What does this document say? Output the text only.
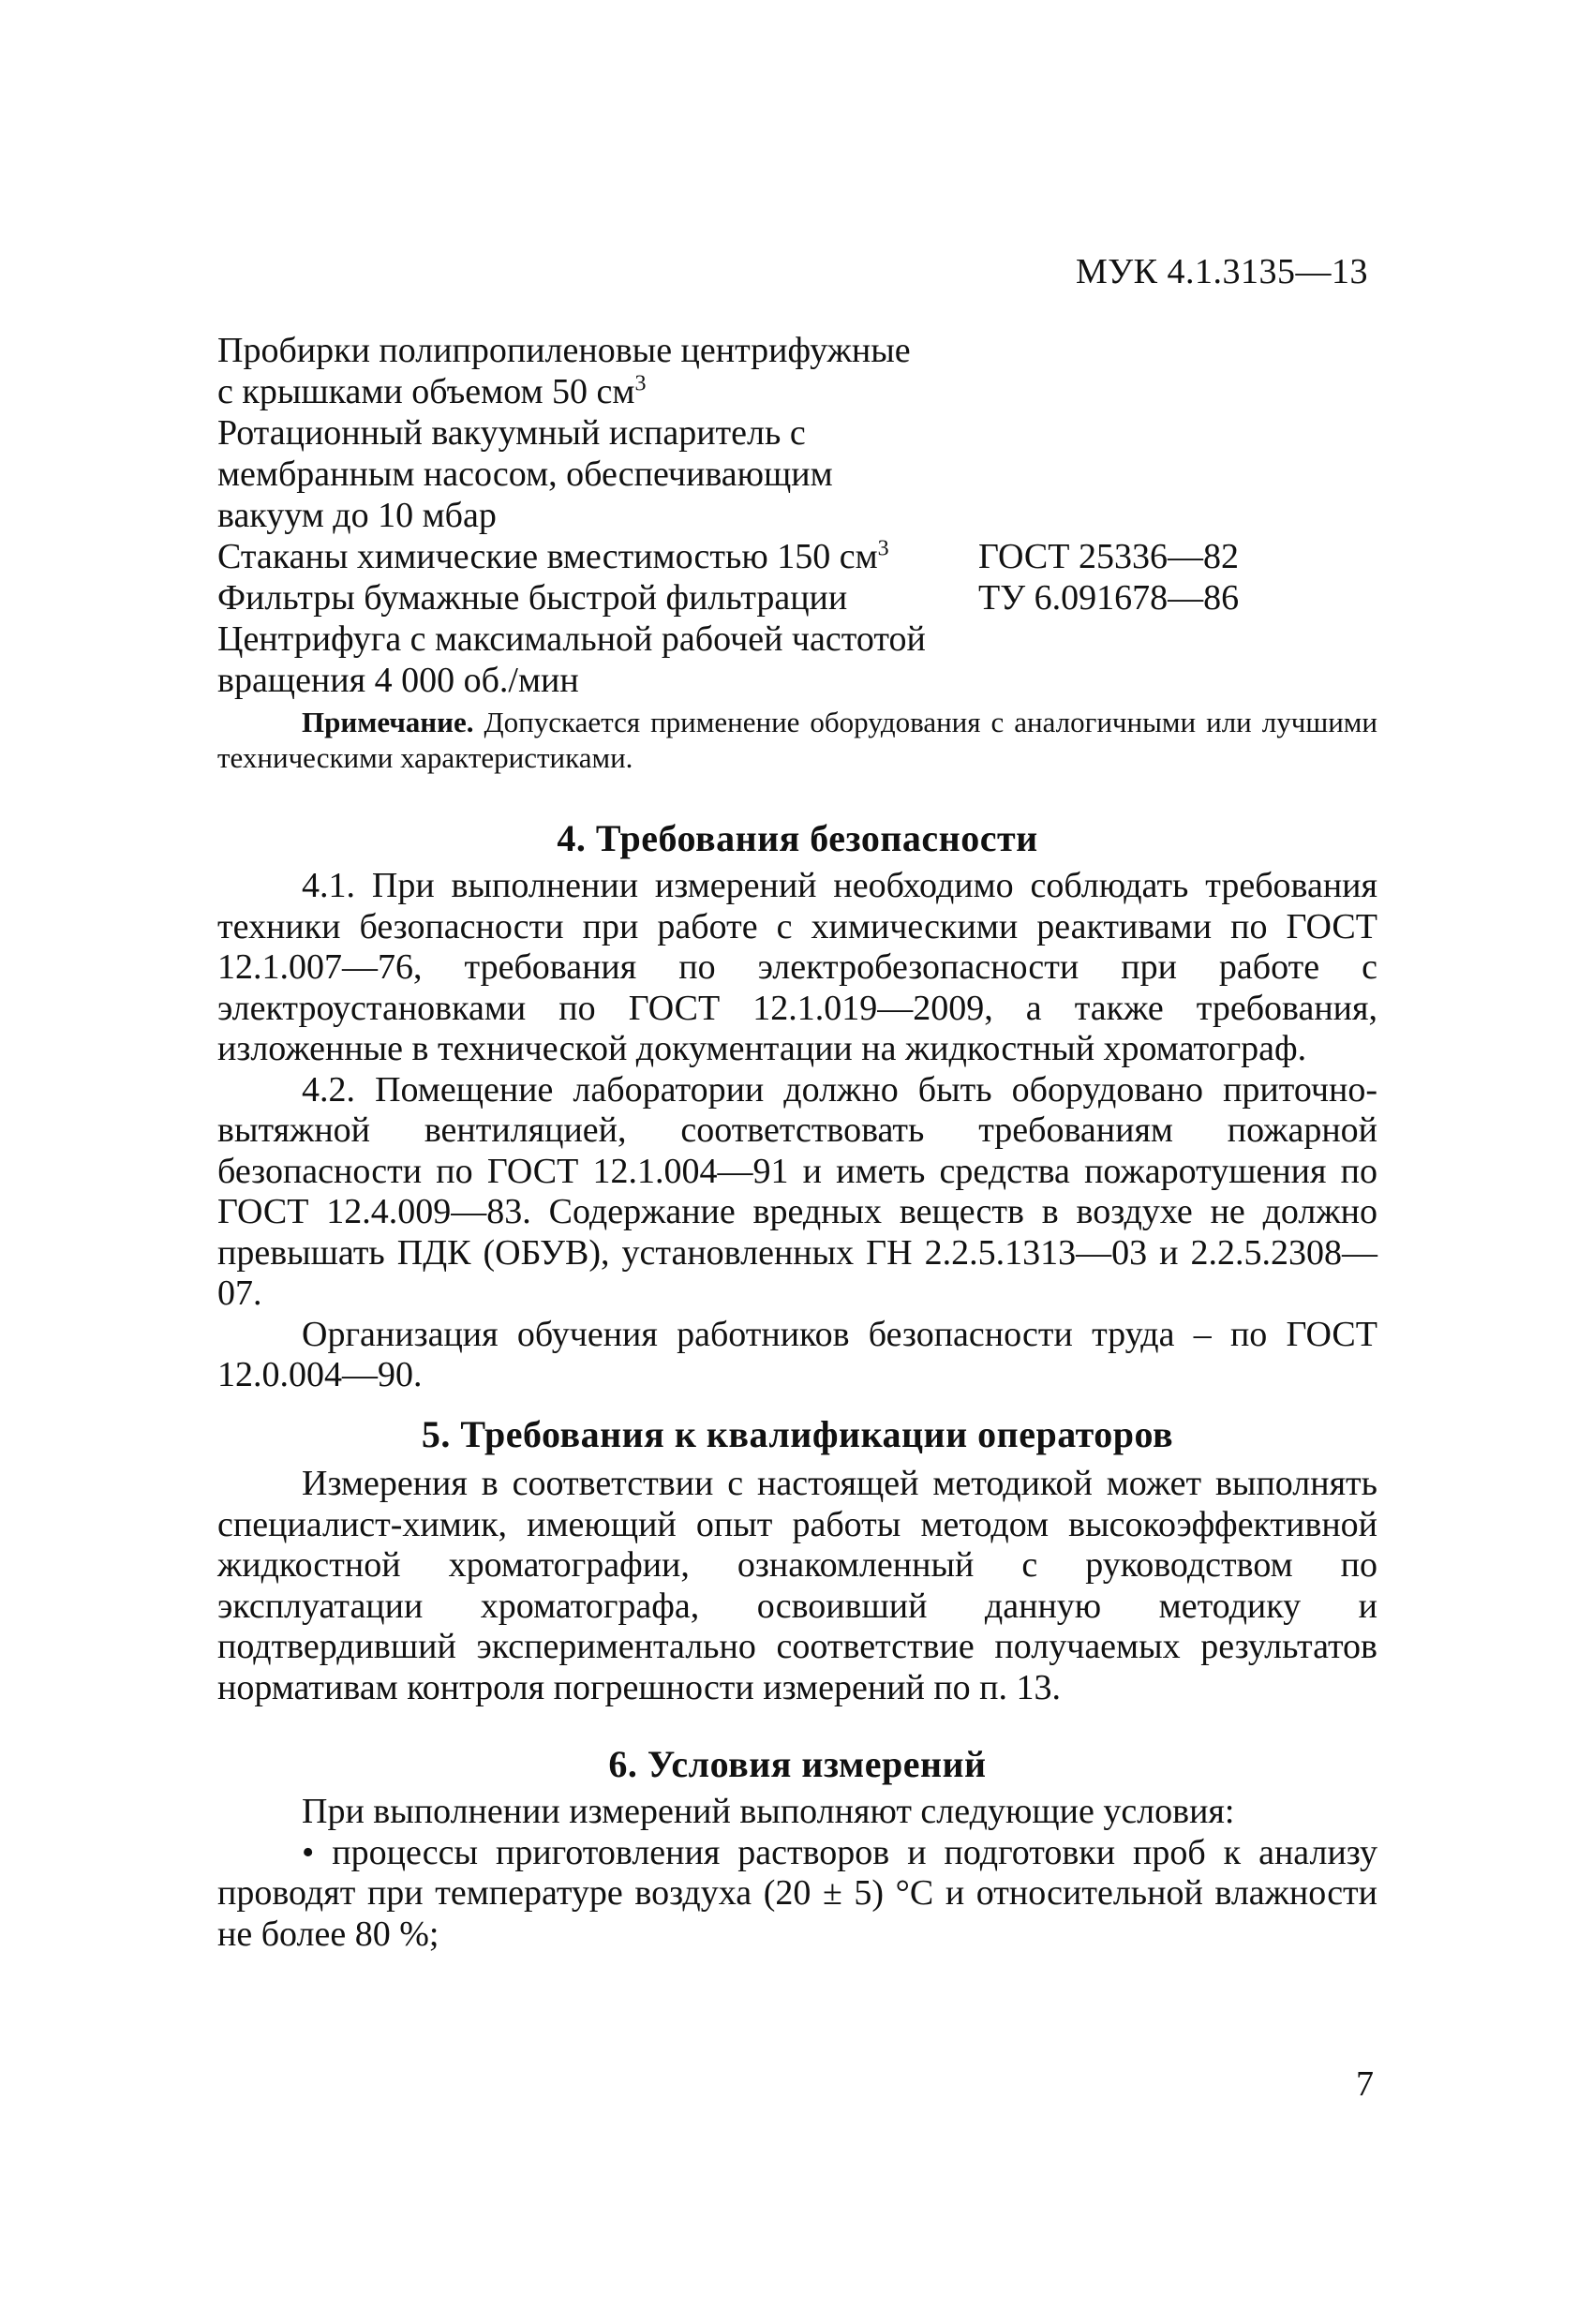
МУК 4.1.3135—13
Пробирки полипропиленовые центрифужные
с крышками объемом 50 $см^3$
Ротационный вакуумный испаритель с
мембранным насосом, обеспечивающим
вакуум до 10 мбар
Стаканы химические вместимостью 150 $см^3$	ГОСТ 25336—82
Фильтры бумажные быстрой фильтрации	ТУ 6.091678—86
Центрифуга с максимальной рабочей частотой
вращения 4 000 об./мин
Примечание. Допускается применение оборудования с аналогичными или лучшими техническими характеристиками.
4. Требования безопасности

4.1. При выполнении измерений необходимо соблюдать требования техники безопасности при работе с химическими реактивами по ГОСТ 12.1.007—76, требования по электробезопасности при работе с электроустановками по ГОСТ 12.1.019—2009, а также требования, изложенные в технической документации на жидкостный хроматограф.

4.2. Помещение лаборатории должно быть оборудовано приточно-вытяжной вентиляцией, соответствовать требованиям пожарной безопасности по ГОСТ 12.1.004—91 и иметь средства пожаротушения по ГОСТ 12.4.009—83. Содержание вредных веществ в воздухе не должно превышать ПДК (ОБУВ), установленных ГН 2.2.5.1313—03 и 2.2.5.2308—07.

Организация обучения работников безопасности труда – по ГОСТ 12.0.004—90.

5. Требования к квалификации операторов

Измерения в соответствии с настоящей методикой может выполнять специалист-химик, имеющий опыт работы методом высокоэффективной жидкостной хроматографии, ознакомленный с руководством по эксплуатации хроматографа, освоивший данную методику и подтвердивший экспериментально соответствие получаемых результатов нормативам контроля погрешности измерений по п. 13.

6. Условия измерений

При выполнении измерений выполняют следующие условия:

• процессы приготовления растворов и подготовки проб к анализу проводят при температуре воздуха (20 ± 5) °С и относительной влажности не более 80 %;

7
